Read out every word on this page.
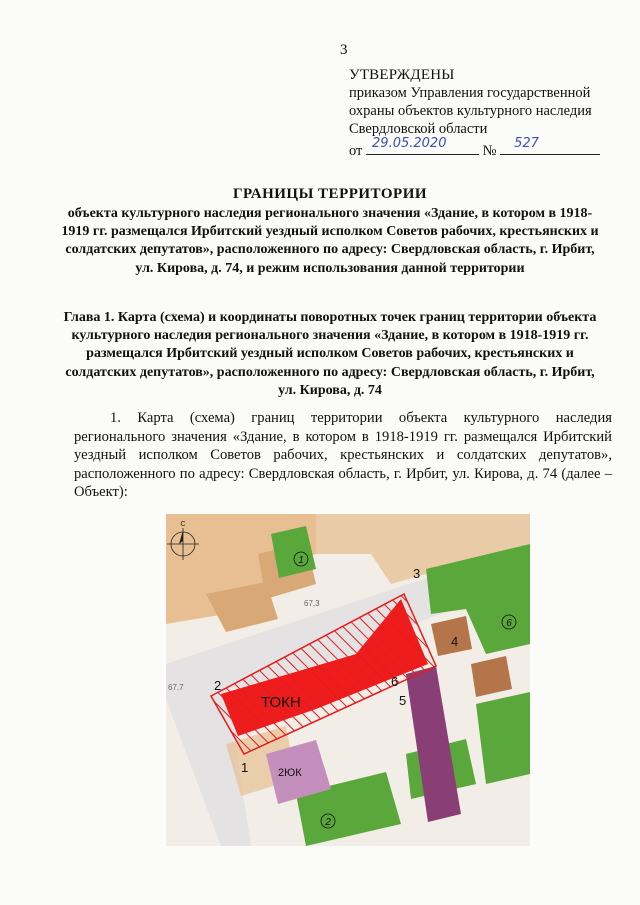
3
УТВЕРЖДЕНЫ
приказом Управления государственной
охраны объектов культурного наследия
Свердловской области
от 29.05.2020 № 527
ГРАНИЦЫ ТЕРРИТОРИИ
объекта культурного наследия регионального значения «Здание, в котором в 1918-1919 гг. размещался Ирбитский уездный исполком Советов рабочих, крестьянских и солдатских депутатов», расположенного по адресу: Свердловская область, г. Ирбит, ул. Кирова, д. 74, и режим использования данной территории
Глава 1. Карта (схема) и координаты поворотных точек границ территории объекта культурного наследия регионального значения «Здание, в котором в 1918-1919 гг. размещался Ирбитский уездный исполком Советов рабочих, крестьянских и солдатских депутатов», расположенного по адресу: Свердловская область, г. Ирбит, ул. Кирова, д. 74
1. Карта (схема) границ территории объекта культурного наследия регионального значения «Здание, в котором в 1918-1919 гг. размещался Ирбитский уездный исполком Советов рабочих, крестьянских и солдатских депутатов», расположенного по адресу: Свердловская область, г. Ирбит, ул. Кирова, д. 74 (далее – Объект):
ТОКН
2ЮК
1
2
3
4
5
6
1
6
2
67.3
67.7
С
